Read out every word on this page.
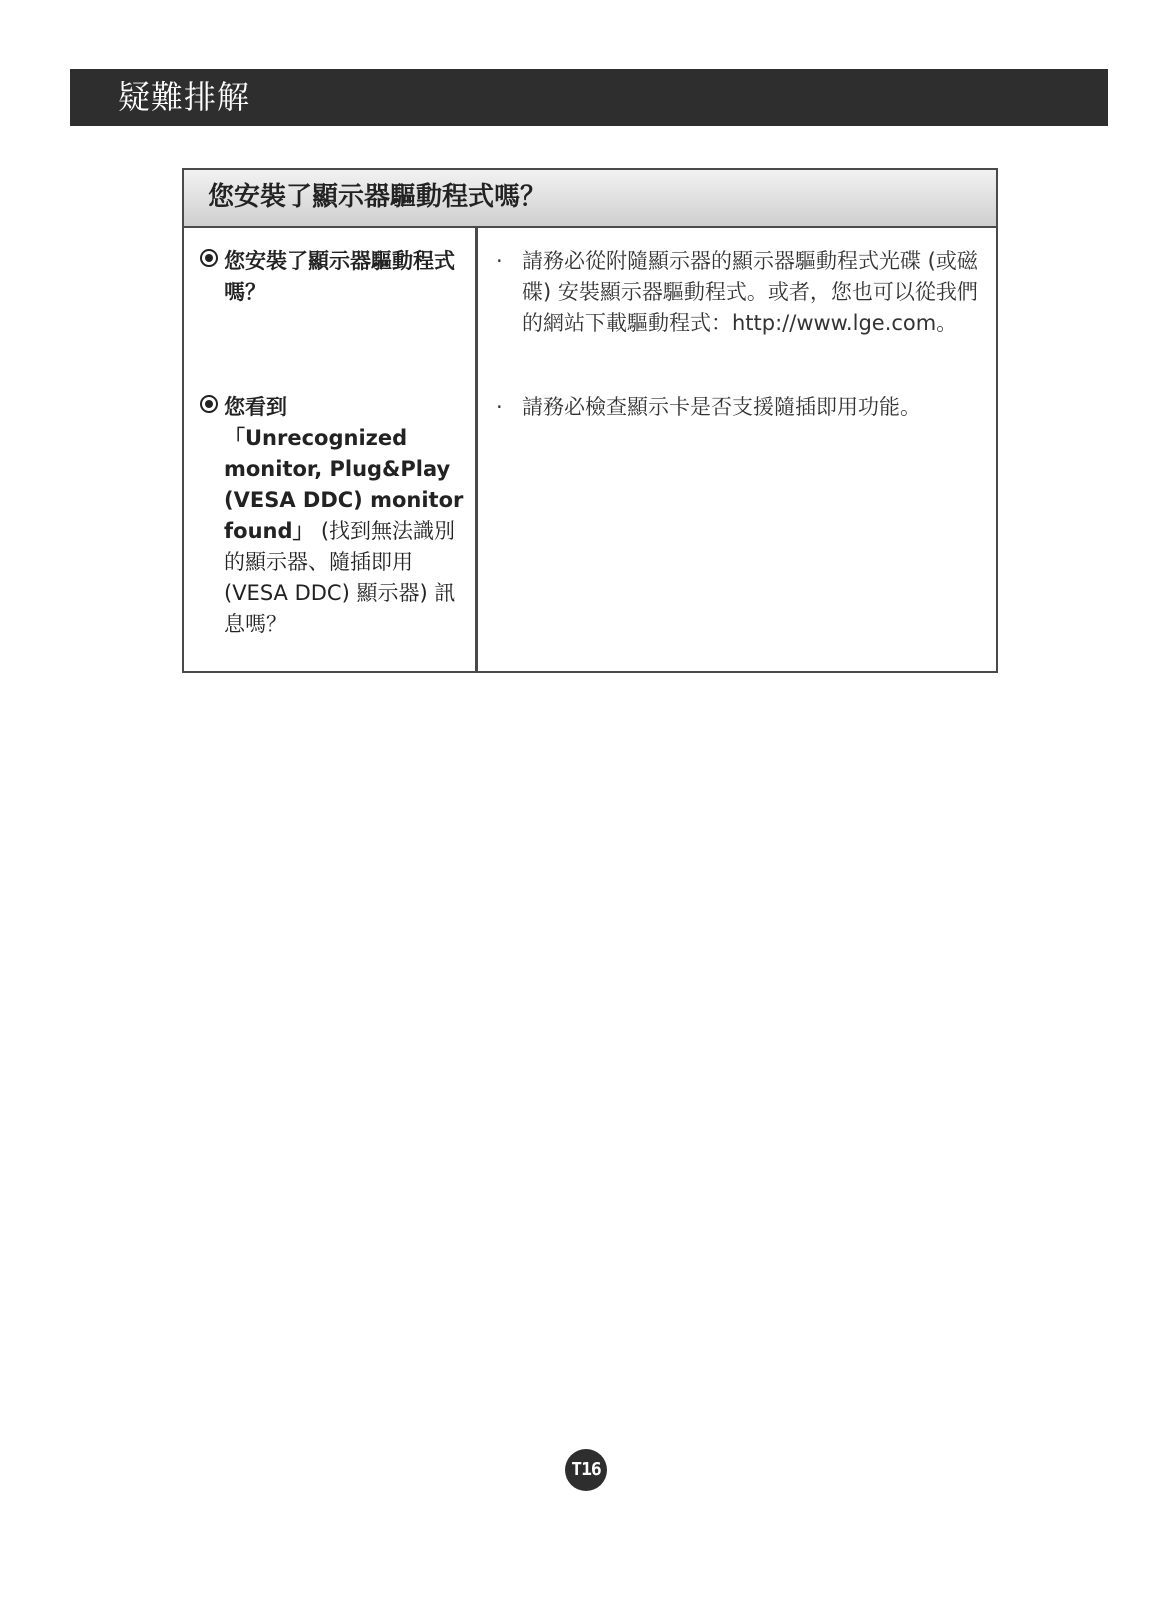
疑難排解
您安裝了顯示器驅動程式嗎？
您安裝了顯示器驅動程式嗎？
· 請務必從附隨顯示器的顯示器驅動程式光碟 (或磁碟) 安裝顯示器驅動程式。或者，您也可以從我們的網站下載驅動程式：http://www.lge.com。
您看到
「Unrecognized monitor, Plug&Play (VESA DDC) monitor found」 (找到無法識別的顯示器、隨插即用 (VESA DDC) 顯示器) 訊息嗎？
· 請務必檢查顯示卡是否支援隨插即用功能。
T16
